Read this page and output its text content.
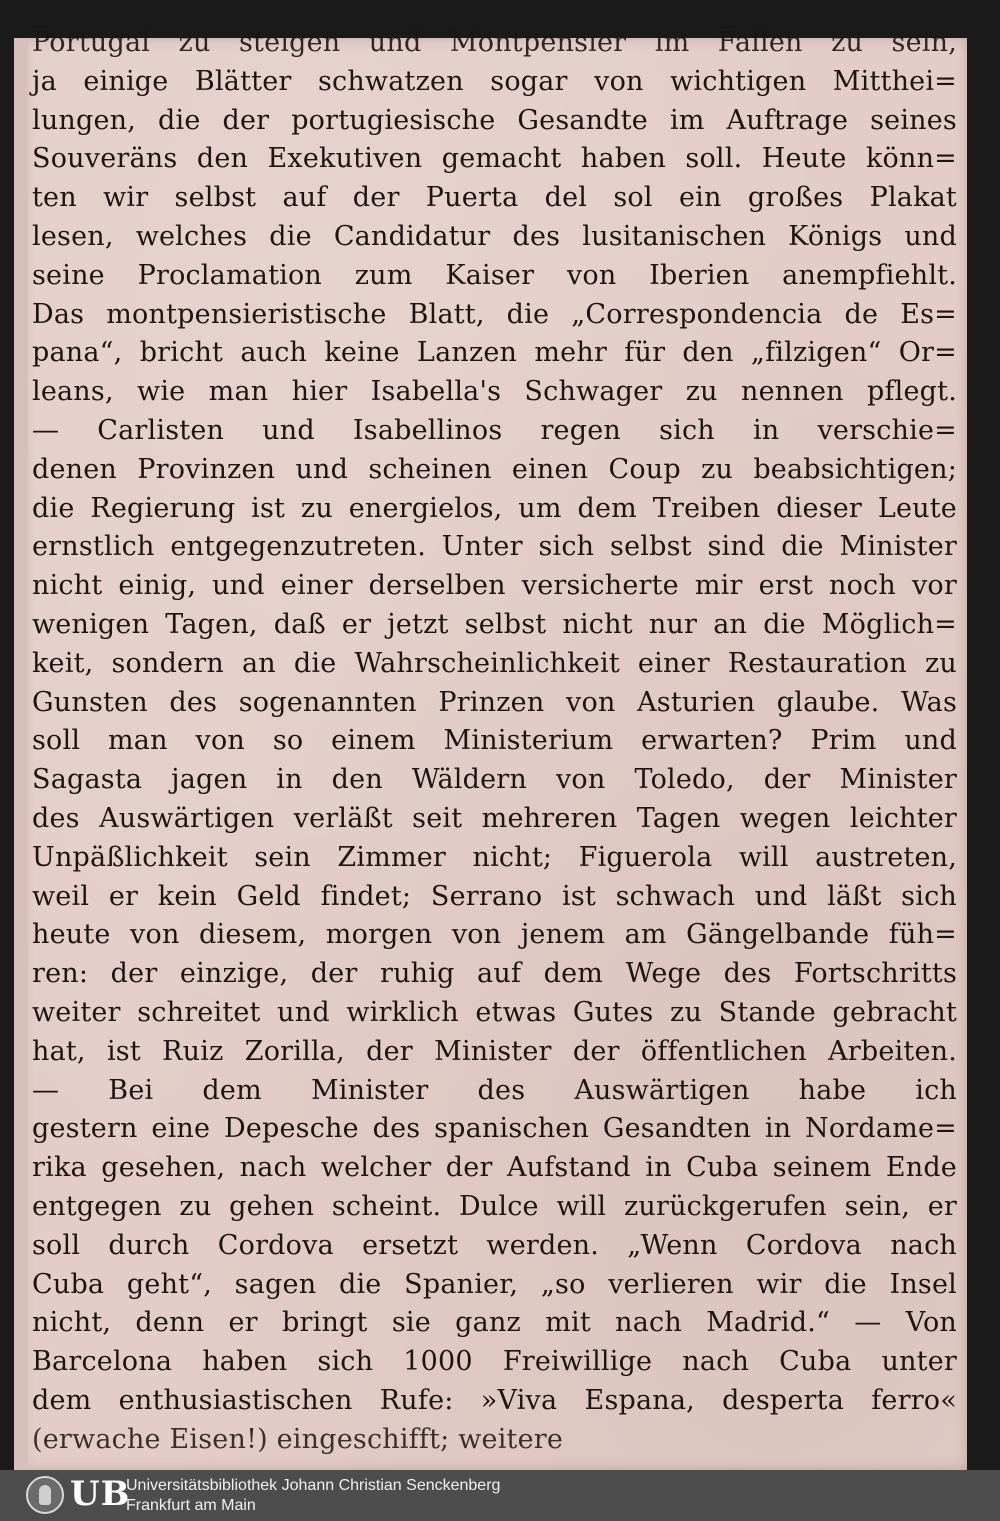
Portugal zu steigen und Montpensier im Fallen zu sein,
ja einige Blätter schwatzen sogar von wichtigen Mitthei=
lungen, die der portugiesische Gesandte im Auftrage seines
Souveräns den Exekutiven gemacht haben soll. Heute könn=
ten wir selbst auf der Puerta del sol ein großes Plakat
lesen, welches die Candidatur des lusitanischen Königs und
seine Proclamation zum Kaiser von Iberien anempfiehlt.
Das montpensieristische Blatt, die „Correspondencia de Es=
pana“, bricht auch keine Lanzen mehr für den „filzigen“ Or=
leans, wie man hier Isabella's Schwager zu nennen pflegt.
— Carlisten und Isabellinos regen sich in verschie=
denen Provinzen und scheinen einen Coup zu beabsichtigen;
die Regierung ist zu energielos, um dem Treiben dieser Leute
ernstlich entgegenzutreten. Unter sich selbst sind die Minister
nicht einig, und einer derselben versicherte mir erst noch vor
wenigen Tagen, daß er jetzt selbst nicht nur an die Möglich=
keit, sondern an die Wahrscheinlichkeit einer Restauration zu
Gunsten des sogenannten Prinzen von Asturien glaube. Was
soll man von so einem Ministerium erwarten? Prim und
Sagasta jagen in den Wäldern von Toledo, der Minister
des Auswärtigen verläßt seit mehreren Tagen wegen leichter
Unpäßlichkeit sein Zimmer nicht; Figuerola will austreten,
weil er kein Geld findet; Serrano ist schwach und läßt sich
heute von diesem, morgen von jenem am Gängelbande füh=
ren: der einzige, der ruhig auf dem Wege des Fortschritts
weiter schreitet und wirklich etwas Gutes zu Stande gebracht
hat, ist Ruiz Zorilla, der Minister der öffentlichen Arbeiten.
— Bei dem Minister des Auswärtigen habe ich
gestern eine Depesche des spanischen Gesandten in Nordame=
rika gesehen, nach welcher der Aufstand in Cuba seinem Ende
entgegen zu gehen scheint. Dulce will zurückgerufen sein, er
soll durch Cordova ersetzt werden. „Wenn Cordova nach
Cuba geht“, sagen die Spanier, „so verlieren wir die Insel
nicht, denn er bringt sie ganz mit nach Madrid.“ — Von
Barcelona haben sich 1000 Freiwillige nach Cuba unter
dem enthusiastischen Rufe: »Viva Espana, desperta ferro«
(erwache Eisen!) eingeschifft; weitere
UB
Universitätsbibliothek Johann Christian Senckenberg
Frankfurt am Main
